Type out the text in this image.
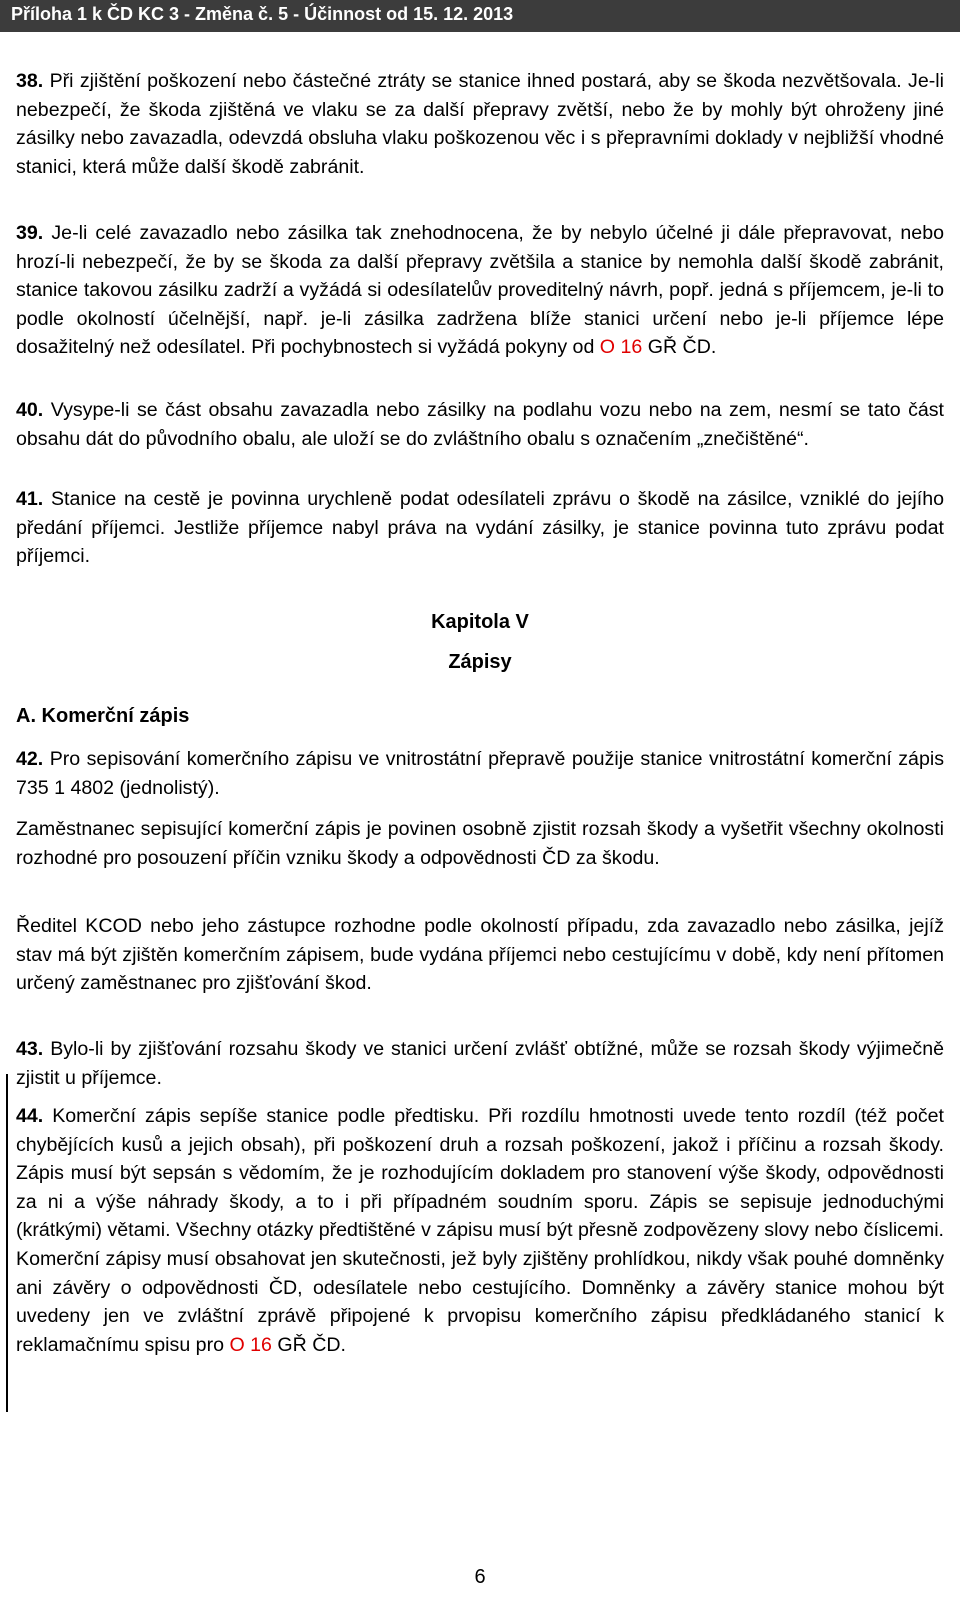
Příloha 1 k ČD KC 3 - Změna č. 5 - Účinnost od 15. 12. 2013

38. Při zjištění poškození nebo částečné ztráty se stanice ihned postará, aby se škoda nezvětšovala. Je-li nebezpečí, že škoda zjištěná ve vlaku se za další přepravy zvětší, nebo že by mohly být ohroženy jiné zásilky nebo zavazadla, odevzdá obsluha vlaku poškozenou věc i s přepravními doklady v nejbližší vhodné stanici, která může další škodě zabránit.

39. Je-li celé zavazadlo nebo zásilka tak znehodnocena, že by nebylo účelné ji dále přepravovat, nebo hrozí-li nebezpečí, že by se škoda za další přepravy zvětšila a stanice by nemohla další škodě zabránit, stanice takovou zásilku zadrží a vyžádá si odesílatelův proveditelný návrh, popř. jedná s příjemcem, je-li to podle okolností účelnější, např. je-li zásilka zadržena blíže stanici určení nebo je-li příjemce lépe dosažitelný než odesílatel. Při pochybnostech si vyžádá pokyny od O 16 GŘ ČD.

40. Vysype-li se část obsahu zavazadla nebo zásilky na podlahu vozu nebo na zem, nesmí se tato část obsahu dát do původního obalu, ale uloží se do zvláštního obalu s označením „znečištěné“.

41. Stanice na cestě je povinna urychleně podat odesílateli zprávu o škodě na zásilce, vzniklé do jejího předání příjemci. Jestliže příjemce nabyl práva na vydání zásilky, je stanice povinna tuto zprávu podat příjemci.

Kapitola V
Zápisy
A. Komerční zápis

42. Pro sepisování komerčního zápisu ve vnitrostátní přepravě použije stanice vnitrostátní komerční zápis 735 1 4802 (jednolistý).

Zaměstnanec sepisující komerční zápis je povinen osobně zjistit rozsah škody a vyšetřit všechny okolnosti rozhodné pro posouzení příčin vzniku škody a odpovědnosti ČD za škodu.

Ředitel KCOD nebo jeho zástupce rozhodne podle okolností případu, zda zavazadlo nebo zásilka, jejíž stav má být zjištěn komerčním zápisem, bude vydána příjemci nebo cestujícímu v době, kdy není přítomen určený zaměstnanec pro zjišťování škod.

43. Bylo-li by zjišťování rozsahu škody ve stanici určení zvlášť obtížné, může se rozsah škody výjimečně zjistit u příjemce.

44. Komerční zápis sepíše stanice podle předtisku. Při rozdílu hmotnosti uvede tento rozdíl (též počet chybějících kusů a jejich obsah), při poškození druh a rozsah poškození, jakož i příčinu a rozsah škody. Zápis musí být sepsán s vědomím, že je rozhodujícím dokladem pro stanovení výše škody, odpovědnosti za ni a výše náhrady škody, a to i při případném soudním sporu. Zápis se sepisuje jednoduchými (krátkými) větami. Všechny otázky předtištěné v zápisu musí být přesně zodpovězeny slovy nebo číslicemi. Komerční zápisy musí obsahovat jen skutečnosti, jež byly zjištěny prohlídkou, nikdy však pouhé domněnky ani závěry o odpovědnosti ČD, odesílatele nebo cestujícího. Domněnky a závěry stanice mohou být uvedeny jen ve zvláštní zprávě připojené k prvopisu komerčního zápisu předkládaného stanicí k reklamačnímu spisu pro O 16 GŘ ČD.

6
